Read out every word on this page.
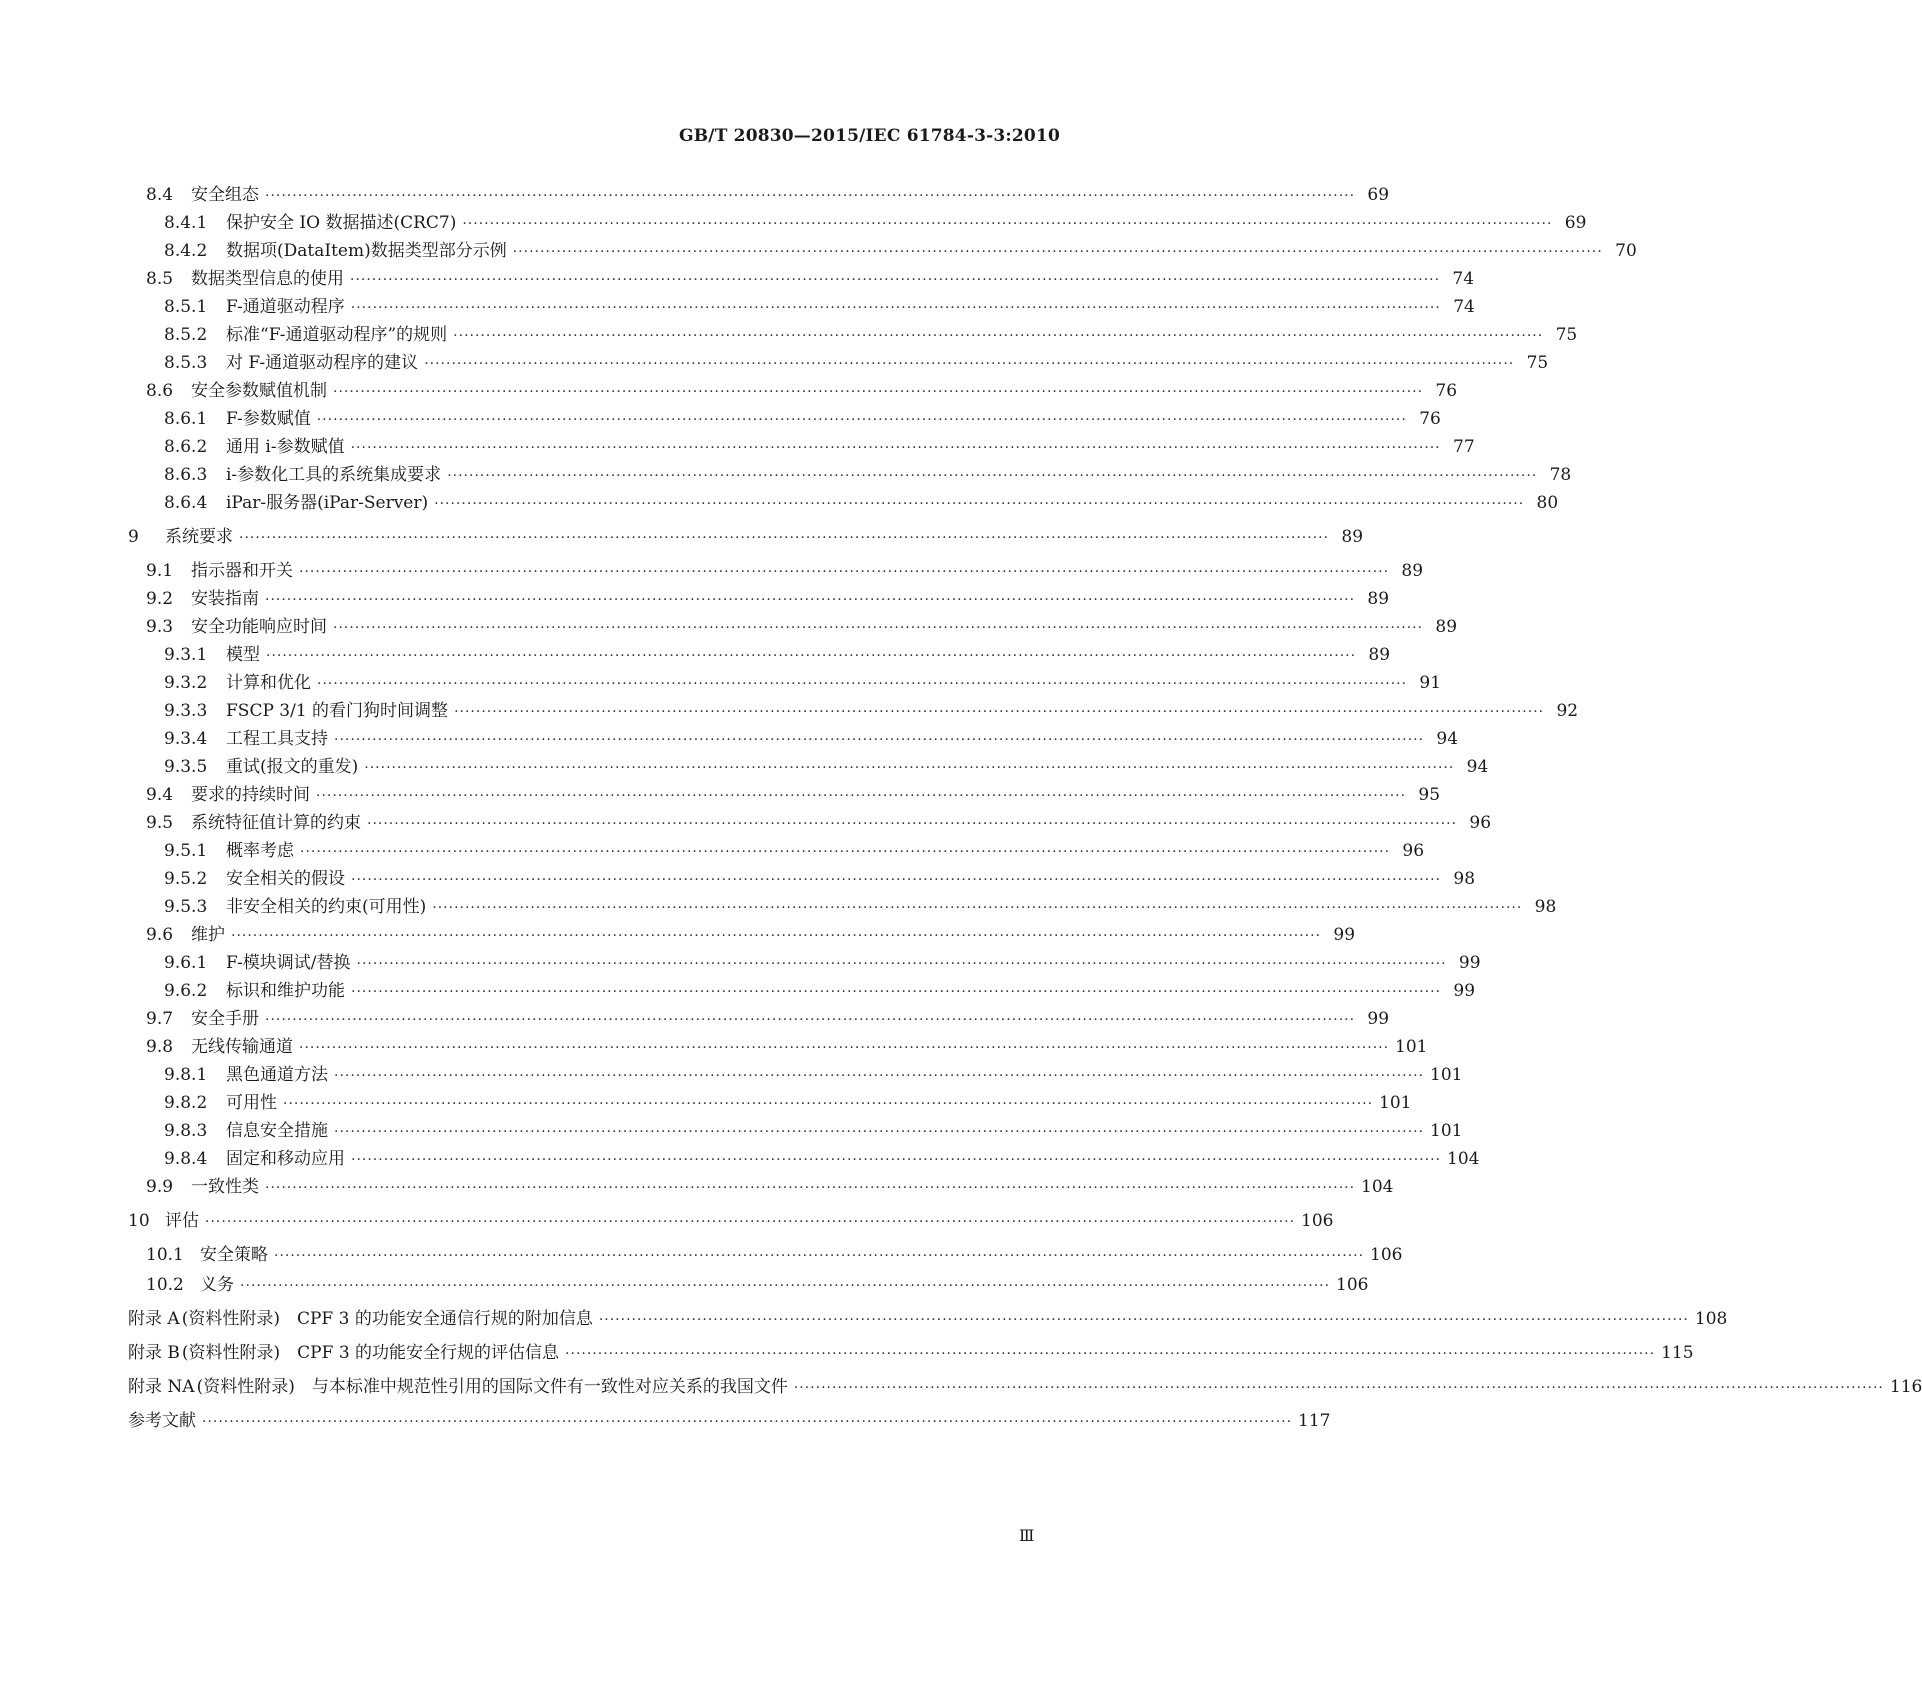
GB/T 20830—2015/IEC 61784-3-3:2010
8.4	安全组态 ········································································································································································································ 69
8.4.1	保护安全 IO 数据描述(CRC7) ········································································································································································································ 69
8.4.2	数据项(DataItem)数据类型部分示例 ········································································································································································································ 70
8.5	数据类型信息的使用 ········································································································································································································ 74
8.5.1	F-通道驱动程序 ········································································································································································································ 74
8.5.2	标准“F-通道驱动程序”的规则 ········································································································································································································ 75
8.5.3	对 F-通道驱动程序的建议 ········································································································································································································ 75
8.6	安全参数赋值机制 ········································································································································································································ 76
8.6.1	F-参数赋值 ········································································································································································································ 76
8.6.2	通用 i-参数赋值 ········································································································································································································ 77
8.6.3	i-参数化工具的系统集成要求 ········································································································································································································ 78
8.6.4	iPar-服务器(iPar-Server) ········································································································································································································ 80
9	系统要求 ········································································································································································································ 89
9.1	指示器和开关 ········································································································································································································ 89
9.2	安装指南 ········································································································································································································ 89
9.3	安全功能响应时间 ········································································································································································································ 89
9.3.1	模型 ········································································································································································································ 89
9.3.2	计算和优化 ········································································································································································································ 91
9.3.3	FSCP 3/1 的看门狗时间调整 ········································································································································································································ 92
9.3.4	工程工具支持 ········································································································································································································ 94
9.3.5	重试(报文的重发) ········································································································································································································ 94
9.4	要求的持续时间 ········································································································································································································ 95
9.5	系统特征值计算的约束 ········································································································································································································ 96
9.5.1	概率考虑 ········································································································································································································ 96
9.5.2	安全相关的假设 ········································································································································································································ 98
9.5.3	非安全相关的约束(可用性) ········································································································································································································ 98
9.6	维护 ········································································································································································································ 99
9.6.1	F-模块调试/替换 ········································································································································································································ 99
9.6.2	标识和维护功能 ········································································································································································································ 99
9.7	安全手册 ········································································································································································································ 99
9.8	无线传输通道 ········································································································································································································ 101
9.8.1	黑色通道方法 ········································································································································································································ 101
9.8.2	可用性 ········································································································································································································ 101
9.8.3	信息安全措施 ········································································································································································································ 101
9.8.4	固定和移动应用 ········································································································································································································ 104
9.9	一致性类 ········································································································································································································ 104
10 评估 ········································································································································································································ 106
10.1 安全策略 ········································································································································································································ 106
10.2 义务 ········································································································································································································ 106
附录 A (资料性附录)　CPF 3 的功能安全通信行规的附加信息 ········································································································································································································ 108
附录 B (资料性附录)　CPF 3 的功能安全行规的评估信息 ········································································································································································································ 115
附录 NA (资料性附录)　与本标准中规范性引用的国际文件有一致性对应关系的我国文件 ········································································································································································································ 116
参考文献 ········································································································································································································ 117
Ⅲ
